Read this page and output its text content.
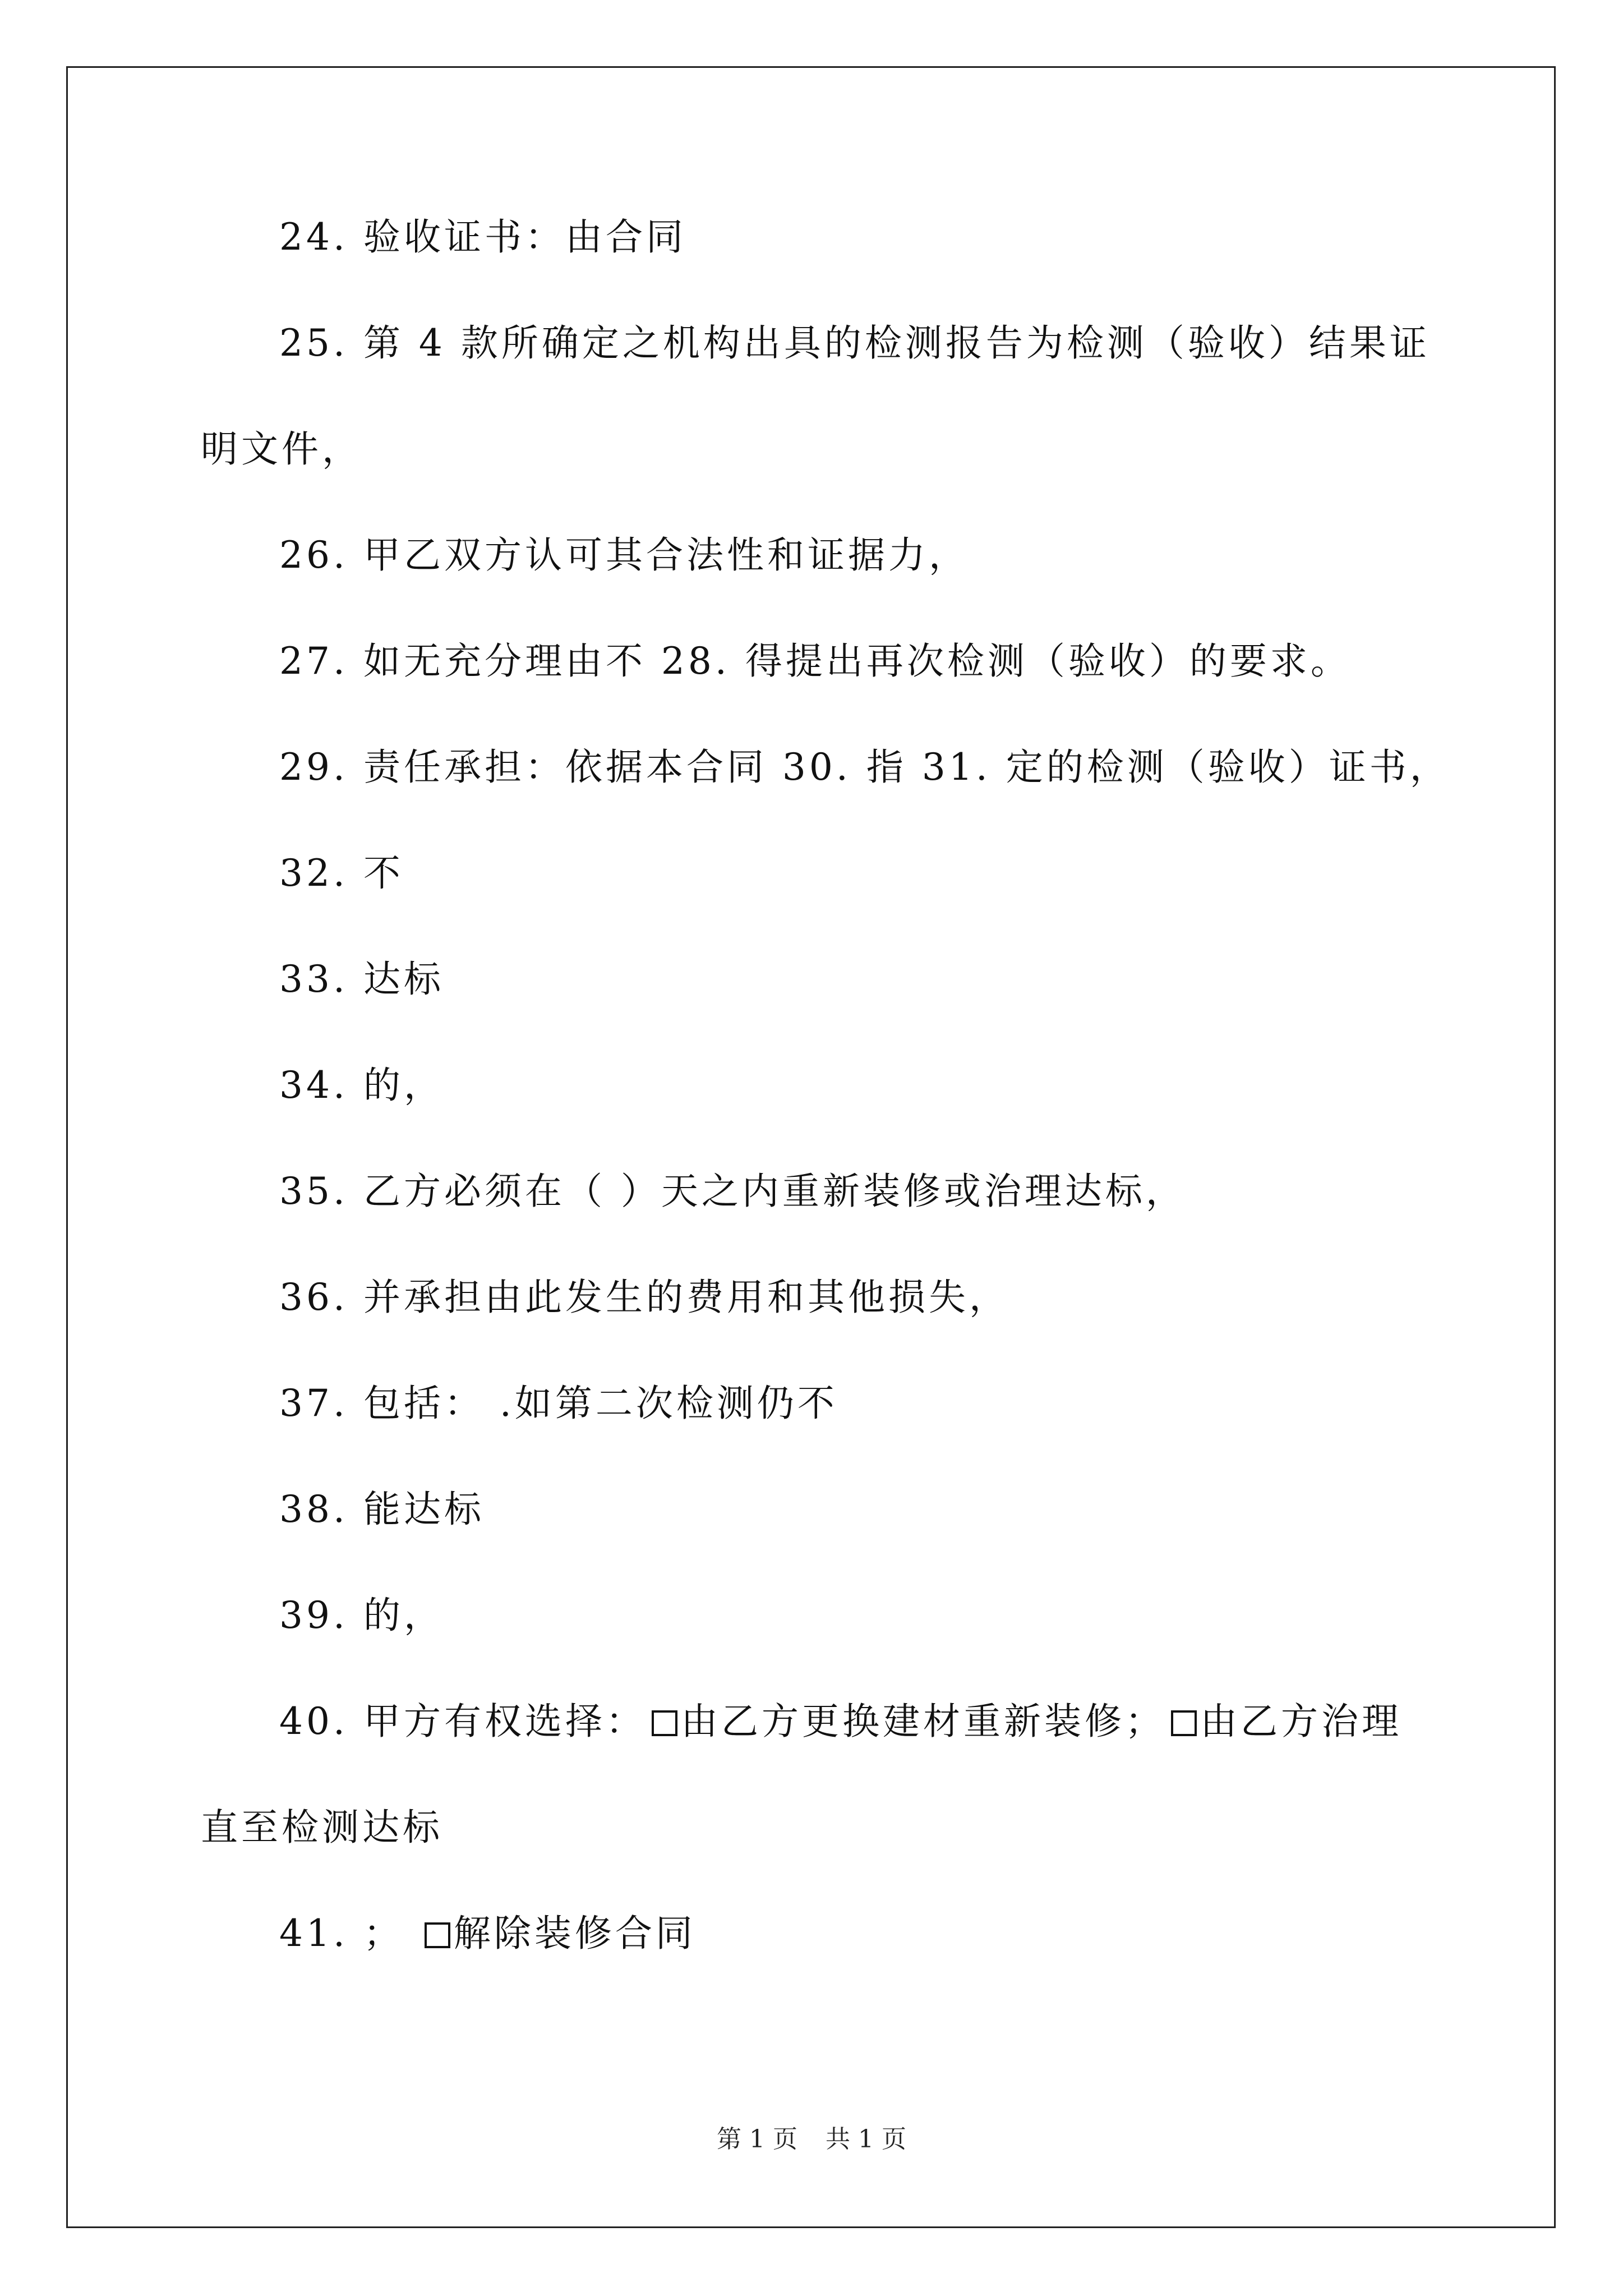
24. 验收证书：由合同
25. 第 4 款所确定之机构出具的检测报告为检测（验收）结果证
明文件，
26. 甲乙双方认可其合法性和证据力，
27. 如无充分理由不 28. 得提出再次检测（验收）的要求。
29. 责任承担：依据本合同 30. 指 31. 定的检测（验收）证书，
32. 不
33. 达标
34. 的，
35. 乙方必须在（ ）天之内重新装修或治理达标，
36. 并承担由此发生的费用和其他损失，
37. 包括： .如第二次检测仍不
38. 能达标
39. 的，
40. 甲方有权选择： 由乙方更换建材重新装修； 由乙方治理
直至检测达标
41. ； 解除装修合同
第 1 页 共 1 页
